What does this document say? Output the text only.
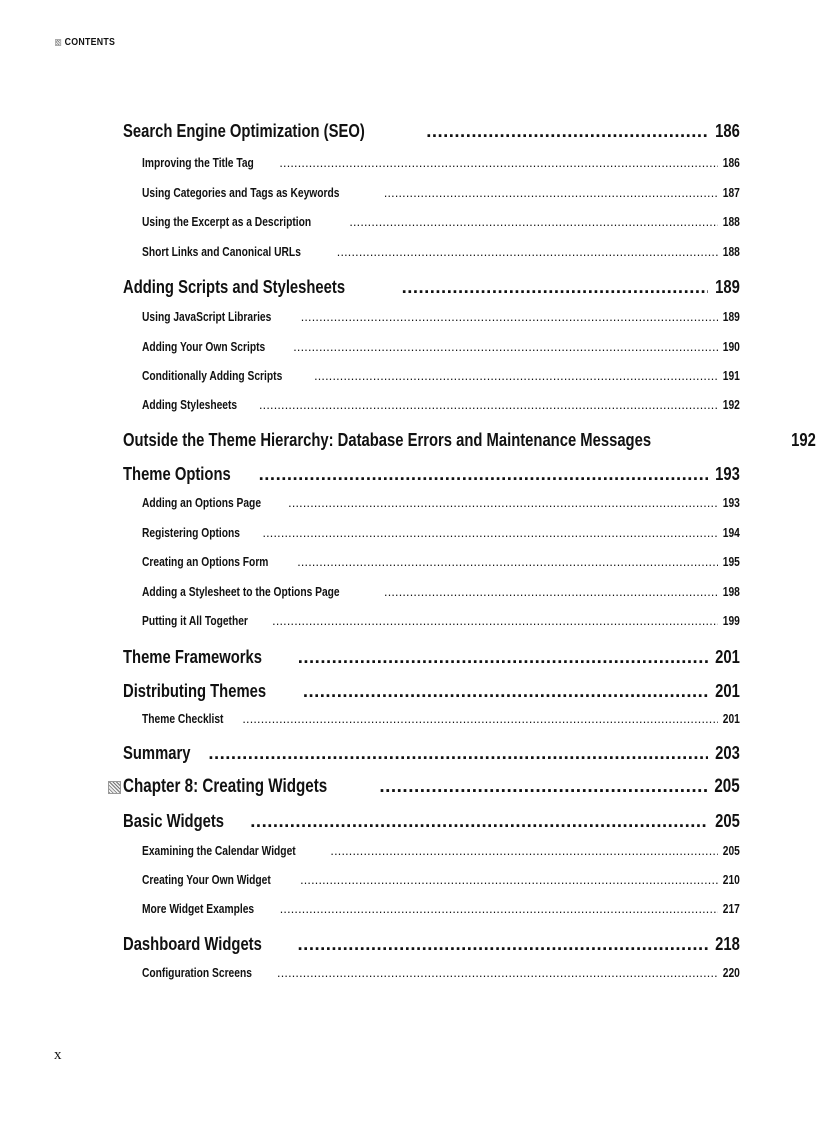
CONTENTS
Search Engine Optimization (SEO) .....	186
Improving the Title Tag .....	186
Using Categories and Tags as Keywords .....	187
Using the Excerpt as a Description .....	188
Short Links and Canonical URLs .....	188
Adding Scripts and Stylesheets .....	189
Using JavaScript Libraries .....	189
Adding Your Own Scripts .....	190
Conditionally Adding Scripts .....	191
Adding Stylesheets .....	192
Outside the Theme Hierarchy: Database Errors and Maintenance Messages	192
Theme Options .....	193
Adding an Options Page .....	193
Registering Options .....	194
Creating an Options Form .....	195
Adding a Stylesheet to the Options Page .....	198
Putting it All Together .....	199
Theme Frameworks .....	201
Distributing Themes .....	201
Theme Checklist .....	201
Summary .....	203
Chapter 8: Creating Widgets .....	205
Basic Widgets .....	205
Examining the Calendar Widget .....	205
Creating Your Own Widget .....	210
More Widget Examples .....	217
Dashboard Widgets .....	218
Configuration Screens .....	220
x
